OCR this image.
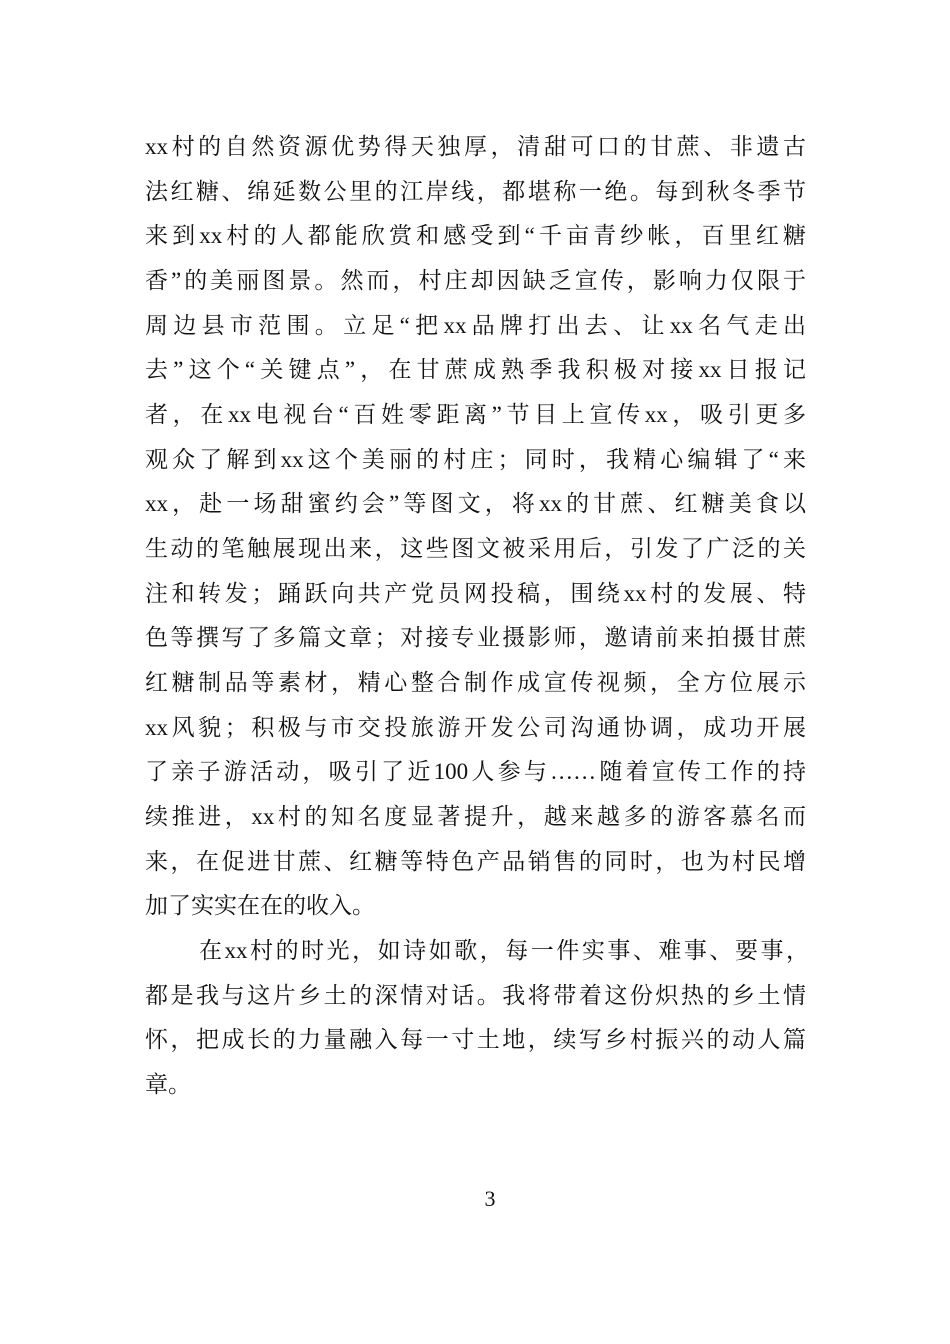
xx村的自然资源优势得天独厚，清甜可口的甘蔗、非遗古
法红糖、绵延数公里的江岸线，都堪称一绝。每到秋冬季节
来到xx村的人都能欣赏和感受到“千亩青纱帐，百里红糖
香”的美丽图景。然而，村庄却因缺乏宣传，影响力仅限于
周边县市范围。立足“把xx品牌打出去、让xx名气走出
去”这个“关键点”，在甘蔗成熟季我积极对接xx日报记
者，在xx电视台“百姓零距离”节目上宣传xx，吸引更多
观众了解到xx这个美丽的村庄；同时，我精心编辑了“来
xx，赴一场甜蜜约会”等图文，将xx的甘蔗、红糖美食以
生动的笔触展现出来，这些图文被采用后，引发了广泛的关
注和转发；踊跃向共产党员网投稿，围绕xx村的发展、特
色等撰写了多篇文章；对接专业摄影师，邀请前来拍摄甘蔗
红糖制品等素材，精心整合制作成宣传视频，全方位展示
xx风貌；积极与市交投旅游开发公司沟通协调，成功开展
了亲子游活动，吸引了近100人参与……随着宣传工作的持
续推进，xx村的知名度显著提升，越来越多的游客慕名而
来，在促进甘蔗、红糖等特色产品销售的同时，也为村民增
加了实实在在的收入。
在xx村的时光，如诗如歌，每一件实事、难事、要事，
都是我与这片乡土的深情对话。我将带着这份炽热的乡土情
怀，把成长的力量融入每一寸土地，续写乡村振兴的动人篇
章。
3
